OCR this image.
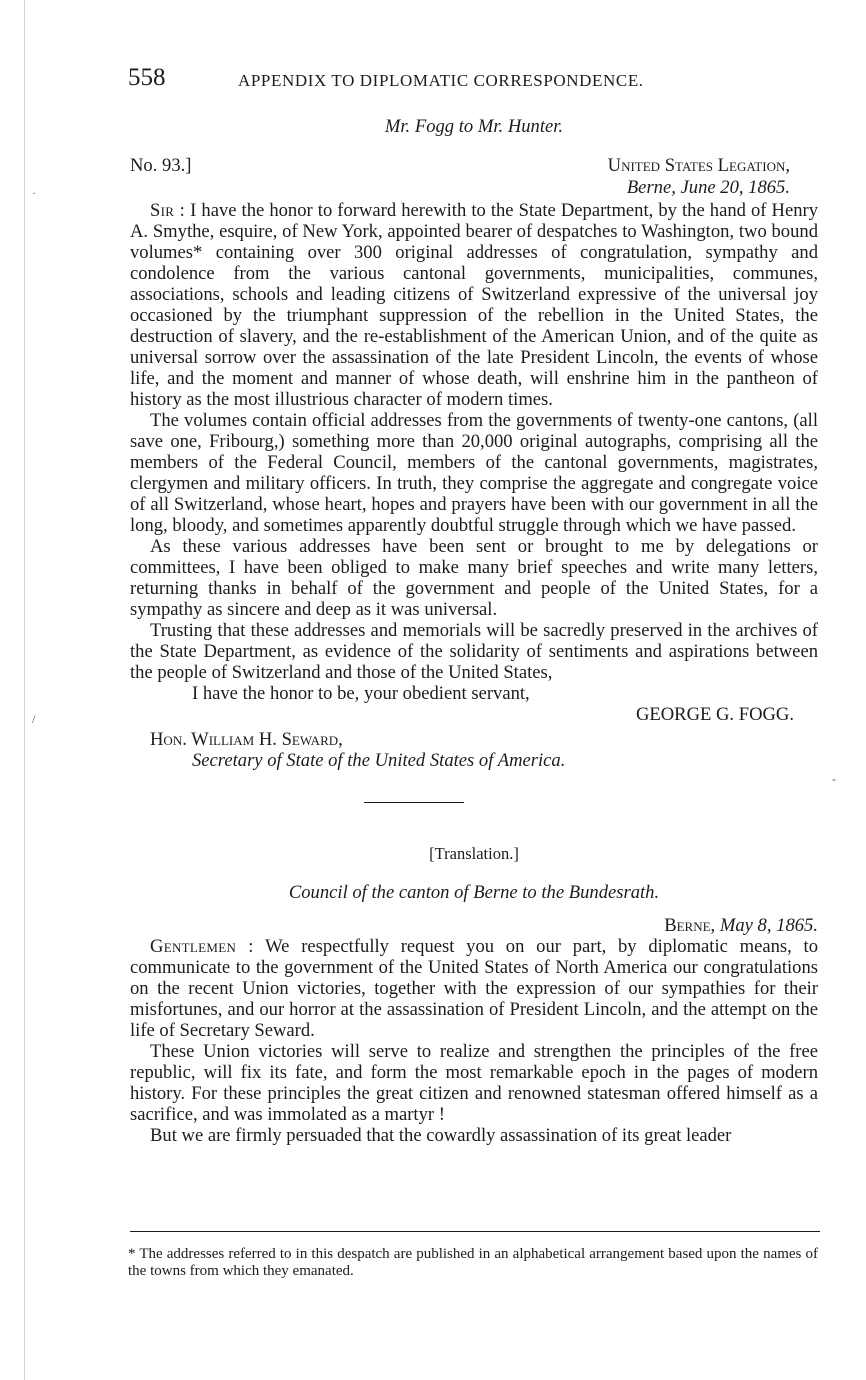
·
/
-
558	APPENDIX TO DIPLOMATIC CORRESPONDENCE.

Mr. Fogg to Mr. Hunter.

No. 93.]	United States Legation,

Berne, June 20, 1865.

Sir : I have the honor to forward herewith to the State Department, by the hand of Henry A. Smythe, esquire, of New York, appointed bearer of despatches to Washington, two bound volumes* containing over 300 original addresses of congratulation, sympathy and condolence from the various cantonal governments, municipalities, communes, associations, schools and leading citizens of Switzerland expressive of the universal joy occasioned by the triumphant suppression of the rebellion in the United States, the destruction of slavery, and the re-establishment of the American Union, and of the quite as universal sorrow over the assassination of the late President Lincoln, the events of whose life, and the moment and manner of whose death, will enshrine him in the pantheon of history as the most illustrious character of modern times.

The volumes contain official addresses from the governments of twenty-one cantons, (all save one, Fribourg,) something more than 20,000 original autographs, comprising all the members of the Federal Council, members of the cantonal governments, magistrates, clergymen and military officers. In truth, they comprise the aggregate and congregate voice of all Switzerland, whose heart, hopes and prayers have been with our government in all the long, bloody, and sometimes apparently doubtful struggle through which we have passed.

As these various addresses have been sent or brought to me by delegations or committees, I have been obliged to make many brief speeches and write many letters, returning thanks in behalf of the government and people of the United States, for a sympathy as sincere and deep as it was universal.

Trusting that these addresses and memorials will be sacredly preserved in the archives of the State Department, as evidence of the solidarity of sentiments and aspirations between the people of Switzerland and those of the United States,

I have the honor to be, your obedient servant,

GEORGE G. FOGG.

Hon. William H. Seward,

Secretary of State of the United States of America.

[Translation.]

Council of the canton of Berne to the Bundesrath.

Berne, May 8, 1865.

Gentlemen : We respectfully request you on our part, by diplomatic means, to communicate to the government of the United States of North America our congratulations on the recent Union victories, together with the expression of our sympathies for their misfortunes, and our horror at the assassination of President Lincoln, and the attempt on the life of Secretary Seward.

These Union victories will serve to realize and strengthen the principles of the free republic, will fix its fate, and form the most remarkable epoch in the pages of modern history. For these principles the great citizen and renowned statesman offered himself as a sacrifice, and was immolated as a martyr !

But we are firmly persuaded that the cowardly assassination of its great leader

* The addresses referred to in this despatch are published in an alphabetical arrangement based upon the names of the towns from which they emanated.
